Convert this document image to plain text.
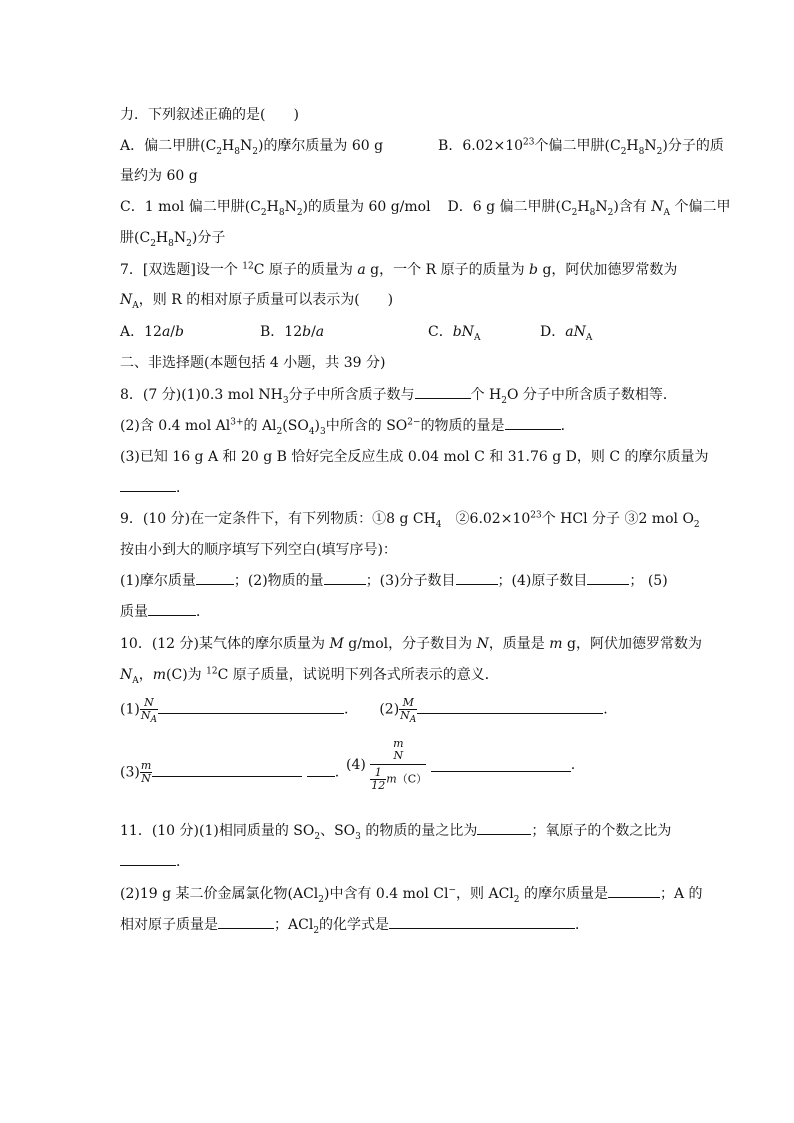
力．下列叙述正确的是(　　)
A．偏二甲肼$(C_2H_8N_2)$的摩尔质量为 60 g	B．$6.02\times 10^{23}$个偏二甲肼$(C_2H_8N_2)$分子的质
量约为 60 g
C．1 mol 偏二甲肼$(C_2H_8N_2)$的质量为 60 g/mol D．6 g 偏二甲肼$(C_2H_8N_2)$含有 $N_A$ 个偏二甲
肼$(C_2H_8N_2)$分子
7．[双选题]设一个 $^{12}$C 原子的质量为 a g，一个 R 原子的质量为 b g，阿伏加德罗常数为
$N_A$，则 R 的相对原子质量可以表示为(　　)
A．12a/b	B．12b/a	C．$bN_A$	D．$aN_A$
二、非选择题(本题包括 4 小题，共 39 分)
8．(7 分)(1)0.3 mol $NH_3$分子中所含质子数与	个 $H_2O$ 分子中所含质子数相等．
(2)含 0.4 mol $Al^{3+}$的 $Al_2(SO_4)_3$中所含的 $SO^{2-}$的物质的量是	．
(3)已知 16 g A 和 20 g B 恰好完全反应生成 0.04 mol C 和 31.76 g D，则 C 的摩尔质量为
．
9．(10 分)在一定条件下，有下列物质：①8 g $CH_4$　 $②6.02\times 10^{23}$个 HCl 分子 ③2 mol $O_2$
按由小到大的顺序填写下列空白(填写序号)：
(1)摩尔质量	；(2)物质的量	；(3)分子数目	；(4)原子数目	； (5)
质量	．
10．(12 分)某气体的摩尔质量为 M g/mol，分子数目为 N，质量是 m g，阿伏加德罗常数为
$N_A$，m(C)为 $^{12}$C 原子质量，试说明下列各式所表示的意义．
$(1) \frac{N}{N_A}$	.  $(2) \frac{M}{N_A}$	.
$(3) \frac{m}{N}$	. (4) m
N
$\frac{1}{12} m(C)$	.
11．(10 分)(1)相同质量的 $SO_2$、$SO_3$ 的物质的量之比为	；氧原子的个数之比为
．
(2)19 g 某二价金属氯化物(ACl$_2$)中含有 0.4 mol Cl−，则 ACl$_2$ 的摩尔质量是	；A 的
相对原子质量是	；ACl$_2$的化学式是	．
